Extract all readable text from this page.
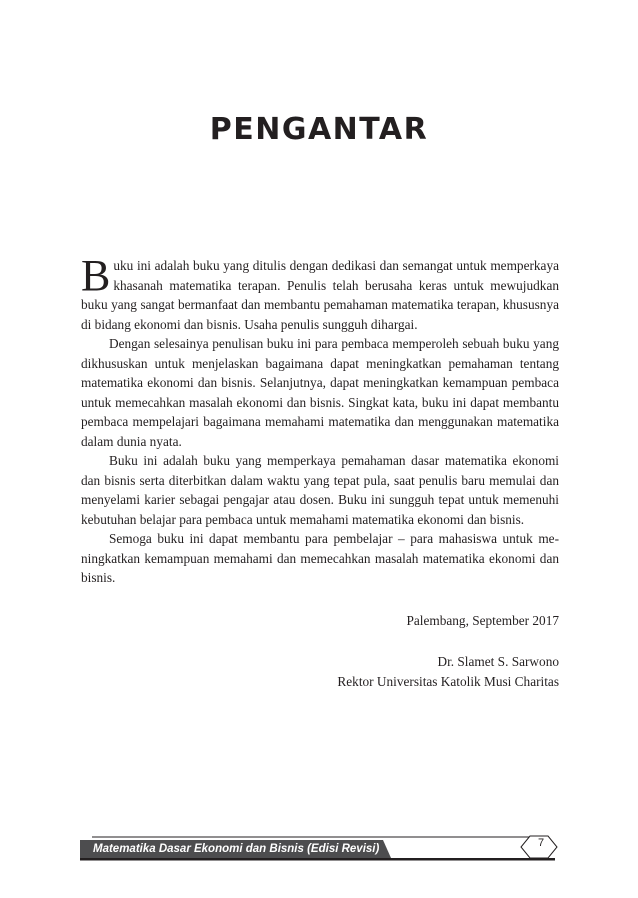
PENGANTAR

Buku ini adalah buku yang ditulis dengan dedikasi dan semangat untuk memperkaya khasanah matematika terapan. Penulis telah berusaha keras untuk mewujudkan buku yang sangat bermanfaat dan membantu pemahaman matematika terapan, khususnya di bidang ekonomi dan bisnis. Usaha penulis sungguh dihargai.

Dengan selesainya penulisan buku ini para pembaca memperoleh sebuah buku yang dikhususkan untuk menjelaskan bagaimana dapat meningkatkan pemahaman tentang matematika ekonomi dan bisnis. Selanjutnya, dapat meningkatkan kemampuan pembaca untuk memecahkan masalah ekonomi dan bisnis. Singkat kata, buku ini dapat membantu pembaca mempelajari bagaimana memahami matematika dan menggunakan matematika dalam dunia nyata.

Buku ini adalah buku yang memperkaya pemahaman dasar matematika ekonomi dan bisnis serta diterbitkan dalam waktu yang tepat pula, saat penulis baru memulai dan menyelami karier sebagai pengajar atau dosen. Buku ini sungguh tepat untuk memenuhi kebutuhan belajar para pembaca untuk memahami matematika ekonomi dan bisnis.

Semoga buku ini dapat membantu para pembelajar – para mahasiswa untuk me-ningkatkan kemampuan memahami dan memecahkan masalah matematika ekonomi dan bisnis.

Palembang, September 2017
Dr. Slamet S. Sarwono
Rektor Universitas Katolik Musi Charitas
Matematika Dasar Ekonomi dan Bisnis (Edisi Revisi)	7
